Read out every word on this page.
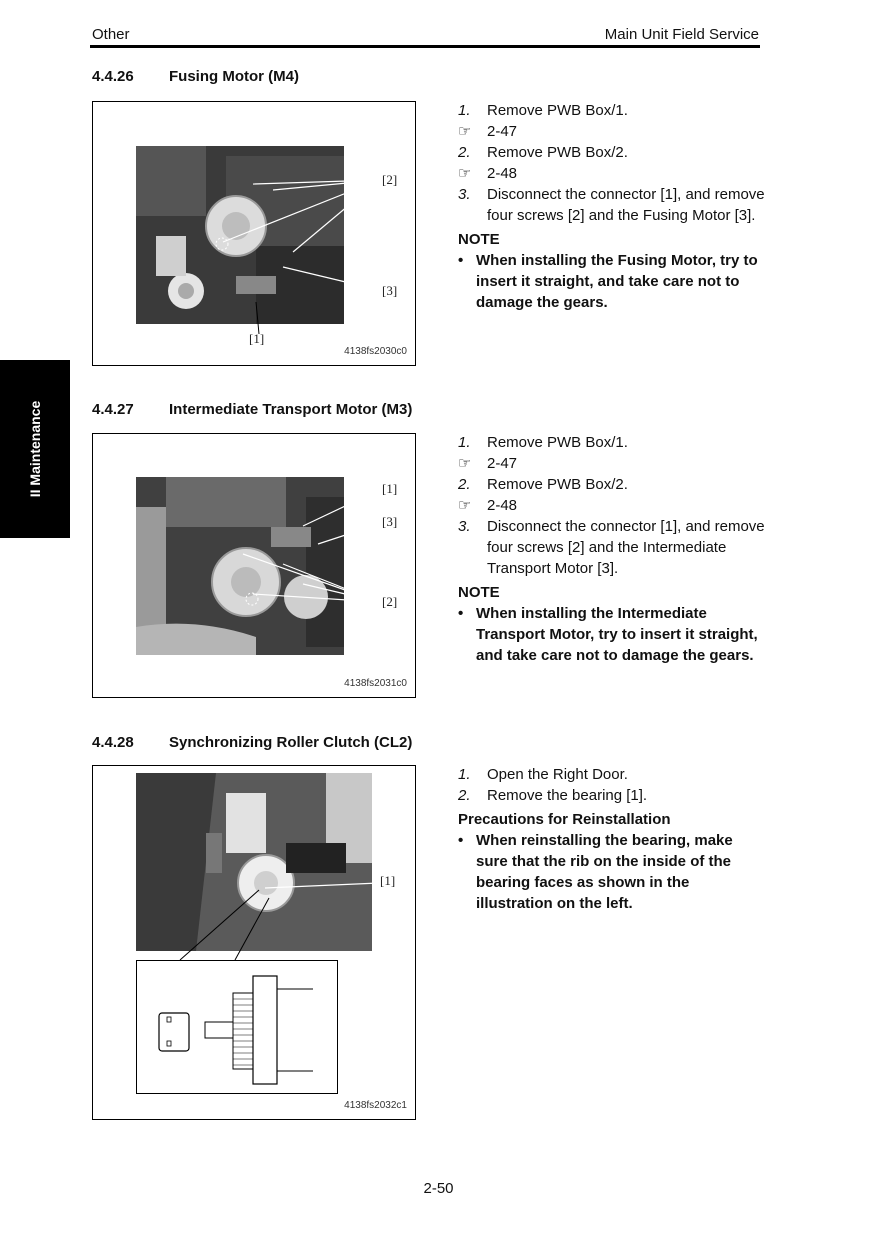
Other	Main Unit Field Service
II Maintenance
4.4.26 Fusing Motor (M4)
[2]
[3]
[1]
4138fs2030c0
1.	Remove PWB Box/1.
☞	2-47
2.	Remove PWB Box/2.
☞	2-48
3.	Disconnect the connector [1], and remove four screws [2] and the Fusing Motor [3].
NOTE
• When installing the Fusing Motor, try to insert it straight, and take care not to damage the gears.
4.4.27 Intermediate Transport Motor (M3)
[1]
[3]
[2]
4138fs2031c0
1.	Remove PWB Box/1.
☞	2-47
2.	Remove PWB Box/2.
☞	2-48
3.	Disconnect the connector [1], and remove four screws [2] and the Intermediate Transport Motor [3].
NOTE
• When installing the Intermediate Transport Motor, try to insert it straight, and take care not to damage the gears.
4.4.28 Synchronizing Roller Clutch (CL2)
[1]
4138fs2032c1
1.	Open the Right Door.
2.	Remove the bearing [1].
Precautions for Reinstallation
• When reinstalling the bearing, make sure that the rib on the inside of the bearing faces as shown in the illustration on the left.
2-50
